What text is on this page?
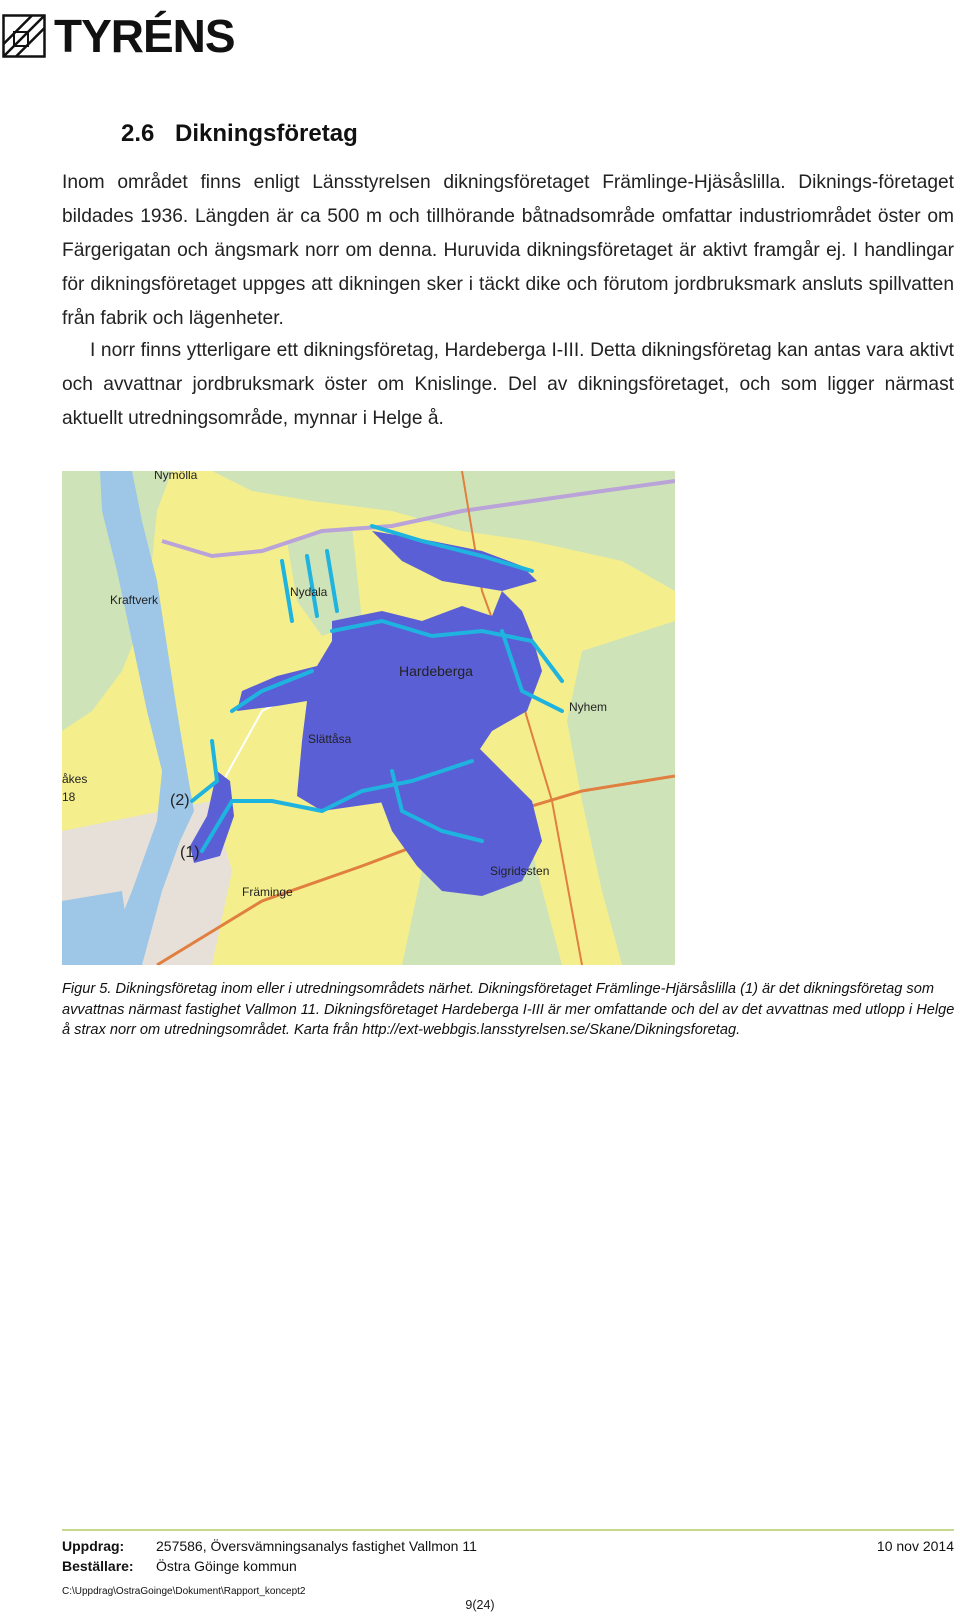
TYRÉNS
2.6 Dikningsföretag

Inom området finns enligt Länsstyrelsen dikningsföretaget Främlinge-Hjäsåslilla. Diknings-företaget bildades 1936. Längden är ca 500 m och tillhörande båtnadsområde omfattar industriområdet öster om Färgerigatan och ängsmark norr om denna. Huruvida dikningsföretaget är aktivt framgår ej. I handlingar för dikningsföretaget uppges att dikningen sker i täckt dike och förutom jordbruksmark ansluts spillvatten från fabrik och lägenheter.

I norr finns ytterligare ett dikningsföretag, Hardeberga I-III. Detta dikningsföretag kan antas vara aktivt och avvattnar jordbruksmark öster om Knislinge. Del av dikningsföretaget, och som ligger närmast aktuellt utredningsområde, mynnar i Helge å.

Nymölla
Kraftverk
Nydala
Hardeberga
Nyhem
Slättåsa
åkes
18	(2)
(1)
Främinge
Sigridssten

Figur 5. Dikningsföretag inom eller i utredningsområdets närhet. Dikningsföretaget Främlinge-Hjärsåslilla (1) är det dikningsföretag som avvattnas närmast fastighet Vallmon 11. Dikningsföretaget Hardeberga I-III är mer omfattande och del av det avvattnas med utlopp i Helge å strax norr om utredningsområdet. Karta från http://ext-webbgis.lansstyrelsen.se/Skane/Dikningsforetag.

Uppdrag: 257586, Översvämningsanalys fastighet Vallmon 11	10 nov 2014
Beställare: Östra Göinge kommun
C:\Uppdrag\OstraGoinge\Dokument\Rapport_koncept2
9(24)
